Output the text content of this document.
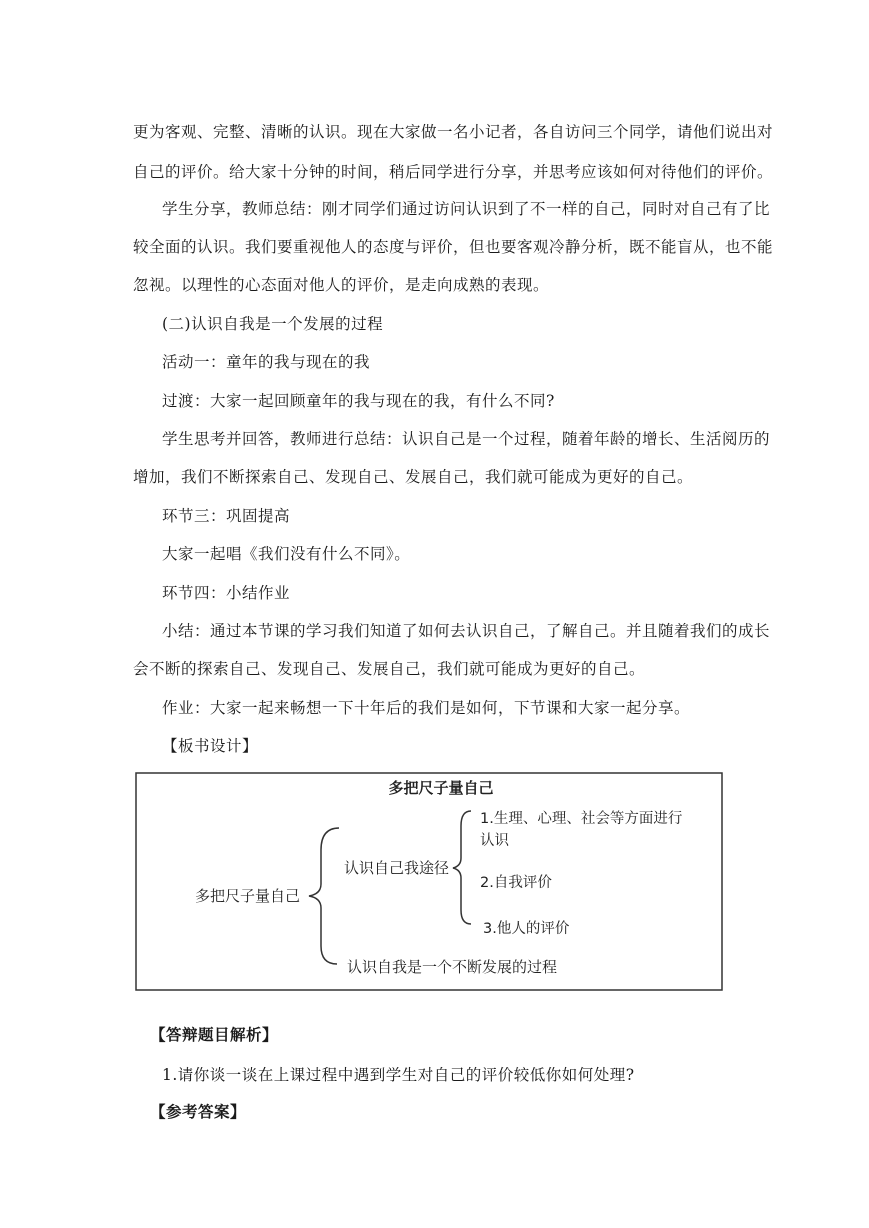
更为客观、完整、清晰的认识。现在大家做一名小记者，各自访问三个同学，请他们说出对
自己的评价。给大家十分钟的时间，稍后同学进行分享，并思考应该如何对待他们的评价。
学生分享，教师总结：刚才同学们通过访问认识到了不一样的自己，同时对自己有了比
较全面的认识。我们要重视他人的态度与评价，但也要客观冷静分析，既不能盲从，也不能
忽视。以理性的心态面对他人的评价，是走向成熟的表现。
(二)认识自我是一个发展的过程
活动一：童年的我与现在的我
过渡：大家一起回顾童年的我与现在的我，有什么不同?
学生思考并回答，教师进行总结：认识自己是一个过程，随着年龄的增长、生活阅历的
增加，我们不断探索自己、发现自己、发展自己，我们就可能成为更好的自己。
环节三：巩固提高
大家一起唱《我们没有什么不同》。
环节四：小结作业
小结：通过本节课的学习我们知道了如何去认识自己，了解自己。并且随着我们的成长
会不断的探索自己、发现自己、发展自己，我们就可能成为更好的自己。
作业：大家一起来畅想一下十年后的我们是如何，下节课和大家一起分享。
【板书设计】
多把尺子量自己
多把尺子量自己
认识自己我途径
1.生理、心理、社会等方面进行
认识
2.自我评价
3.他人的评价
认识自我是一个不断发展的过程
【答辩题目解析】
1.请你谈一谈在上课过程中遇到学生对自己的评价较低你如何处理?
【参考答案】
